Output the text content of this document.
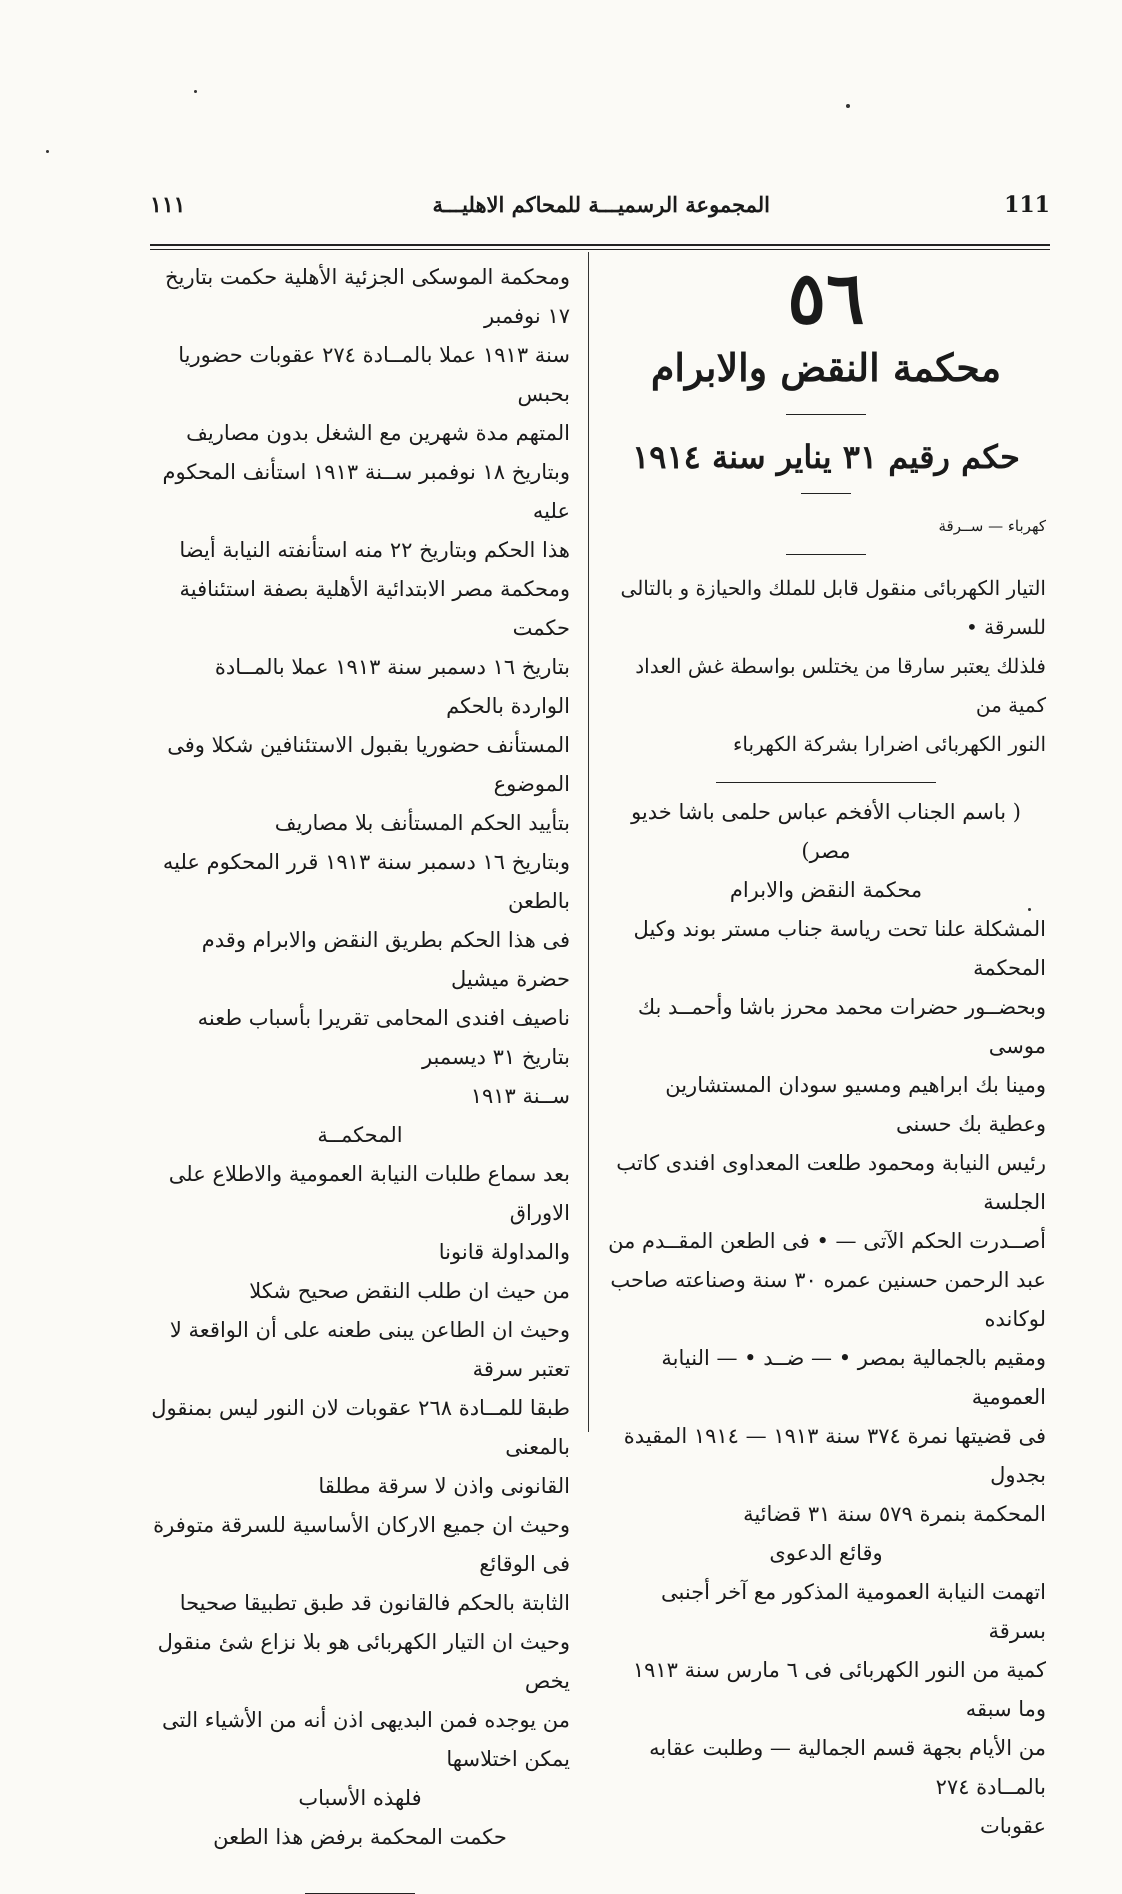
١١١	المجموعة الرسميـــة للمحاكم الاهليـــة	111
٥٦
محكمة النقض والابرام
حكم رقيم ٣١ يناير سنة ١٩١٤
كهرباء — ســرقة

التيار الكهربائى منقول قابل للملك والحيازة و بالتالى للسرقة •

فلذلك يعتبر سارقا من يختلس بواسطة غش العداد كمية من

النور الكهربائى اضرارا بشركة الكهرباء

( باسم الجناب الأفخم عباس حلمى باشا خديو مصر)

محكمة النقض والابرام

المشكلة علنا تحت رياسة جناب مستر بوند وكيل المحكمة

وبحضــور حضرات محمد محرز باشا وأحمــد بك موسى

ومينا بك ابراهيم ومسيو سودان المستشارين وعطية بك حسنى

رئيس النيابة ومحمود طلعت المعداوى افندى كاتب الجلسة

أصــدرت الحكم الآتى — • فى الطعن المقــدم من

عبد الرحمن حسنين عمره ٣٠ سنة وصناعته صاحب لوكانده

ومقيم بالجمالية بمصر • — ضــد • — النيابة العمومية

فى قضيتها نمرة ٣٧٤ سنة ١٩١٣ — ١٩١٤ المقيدة بجدول

المحكمة بنمرة ٥٧٩ سنة ٣١ قضائية

وقائع الدعوى

اتهمت النيابة العمومية المذكور مع آخر أجنبى بسرقة

كمية من النور الكهربائى فى ٦ مارس سنة ١٩١٣ وما سبقه

من الأيام بجهة قسم الجمالية — وطلبت عقابه بالمــادة ٢٧٤

عقوبات

ومحكمة الموسكى الجزئية الأهلية حكمت بتاريخ ١٧ نوفمبر

سنة ١٩١٣ عملا بالمــادة ٢٧٤ عقوبات حضوريا بحبس

المتهم مدة شهرين مع الشغل بدون مصاريف

وبتاريخ ١٨ نوفمبر ســنة ١٩١٣ استأنف المحكوم عليه

هذا الحكم وبتاريخ ٢٢ منه استأنفته النيابة أيضا

ومحكمة مصر الابتدائية الأهلية بصفة استئنافية حكمت

بتاريخ ١٦ دسمبر سنة ١٩١٣ عملا بالمــادة الواردة بالحكم

المستأنف حضوريا بقبول الاستئنافين شكلا وفى الموضوع

بتأييد الحكم المستأنف بلا مصاريف

وبتاريخ ١٦ دسمبر سنة ١٩١٣ قرر المحكوم عليه بالطعن

فى هذا الحكم بطريق النقض والابرام وقدم حضرة ميشيل

ناصيف افندى المحامى تقريرا بأسباب طعنه بتاريخ ٣١ ديسمبر

ســنة ١٩١٣

المحكمــة

بعد سماع طلبات النيابة العمومية والاطلاع على الاوراق

والمداولة قانونا

من حيث ان طلب النقض صحيح شكلا

وحيث ان الطاعن يبنى طعنه على أن الواقعة لا تعتبر سرقة

طبقا للمــادة ٢٦٨ عقوبات لان النور ليس بمنقول بالمعنى

القانونى واذن لا سرقة مطلقا

وحيث ان جميع الاركان الأساسية للسرقة متوفرة فى الوقائع

الثابتة بالحكم فالقانون قد طبق تطبيقا صحيحا

وحيث ان التيار الكهربائى هو بلا نزاع شئ منقول يخص

من يوجده فمن البديهى اذن أنه من الأشياء التى يمكن اختلاسها

فلهذه الأسباب

حكمت المحكمة برفض هذا الطعن
